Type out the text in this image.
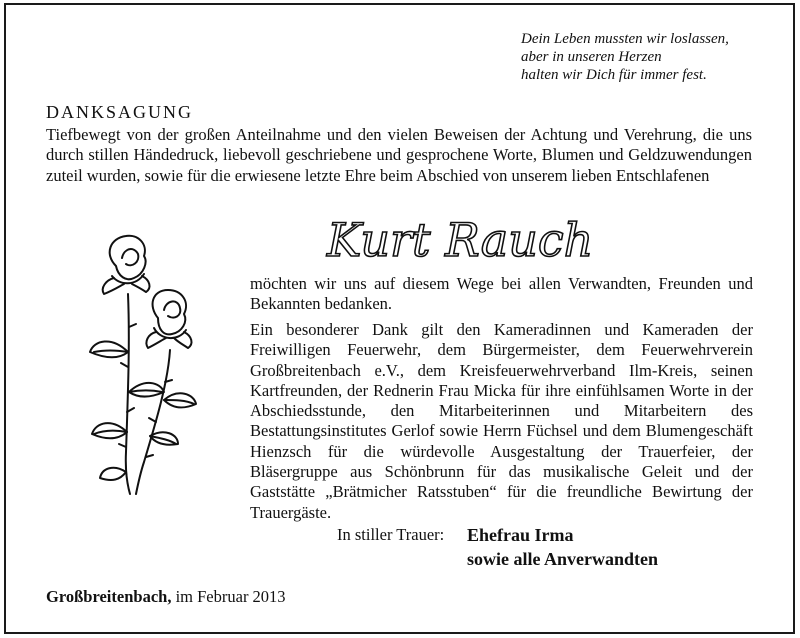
Dein Leben mussten wir loslassen,
aber in unseren Herzen
halten wir Dich für immer fest.
DANKSAGUNG
Tiefbewegt von der großen Anteilnahme und den vielen Beweisen der Achtung und Verehrung, die uns durch stillen Händedruck, liebevoll geschriebene und gesprochene Worte, Blumen und Geldzuwendungen zuteil wurden, sowie für die erwiesene letzte Ehre beim Abschied von unserem lieben Entschlafenen
Kurt Rauch
möchten wir uns auf diesem Wege bei allen Verwandten, Freunden und Bekannten bedanken.
Ein besonderer Dank gilt den Kameradinnen und Kameraden der Freiwilligen Feuerwehr, dem Bürgermeister, dem Feuerwehrverein Großbreitenbach e.V., dem Kreisfeuerwehrverband Ilm-Kreis, seinen Kartfreunden, der Rednerin Frau Micka für ihre einfühlsamen Worte in der Abschiedsstunde, den Mitarbeiterinnen und Mitarbeitern des Bestattungsinstitutes Gerlof sowie Herrn Füchsel und dem Blumengeschäft Hienzsch für die würdevolle Ausgestaltung der Trauerfeier, der Bläsergruppe aus Schönbrunn für das musikalische Geleit und der Gaststätte „Brätmicher Ratsstuben“ für die freundliche Bewirtung der Trauergäste.
In stiller Trauer: Ehefrau Irma
sowie alle Anverwandten
Großbreitenbach, im Februar 2013
